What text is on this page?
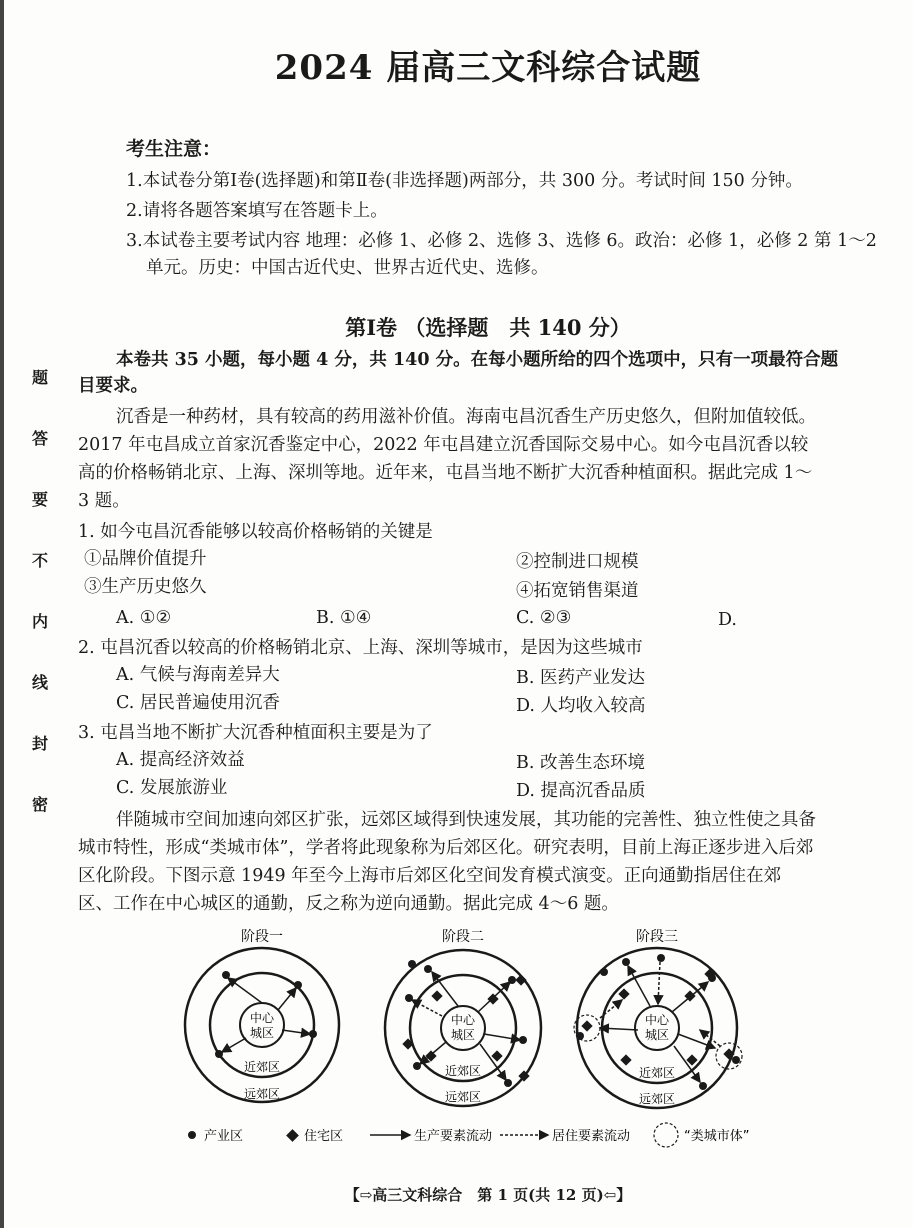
题
答
要
不
内
线
封
密
2024 届高三文科综合试题
考生注意：
1.本试卷分第Ⅰ卷(选择题)和第Ⅱ卷(非选择题)两部分，共 300 分。考试时间 150 分钟。
2.请将各题答案填写在答题卡上。
3.本试卷主要考试内容 地理：必修 1、必修 2、选修 3、选修 6。政治：必修 1，必修 2 第 1～2
单元。历史：中国古近代史、世界古近代史、选修。
第Ⅰ卷 （选择题　共 140 分）
本卷共 35 小题，每小题 4 分，共 140 分。在每小题所给的四个选项中，只有一项最符合题
目要求。
沉香是一种药材，具有较高的药用滋补价值。海南屯昌沉香生产历史悠久，但附加值较低。
2017 年屯昌成立首家沉香鉴定中心，2022 年屯昌建立沉香国际交易中心。如今屯昌沉香以较
高的价格畅销北京、上海、深圳等地。近年来，屯昌当地不断扩大沉香种植面积。据此完成 1～
3 题。
1. 如今屯昌沉香能够以较高价格畅销的关键是
①品牌价值提升	②控制进口规模
③生产历史悠久	④拓宽销售渠道
A. ①②	B. ①④	C. ②③	D.
2. 屯昌沉香以较高的价格畅销北京、上海、深圳等城市，是因为这些城市
A. 气候与海南差异大	B. 医药产业发达
C. 居民普遍使用沉香	D. 人均收入较高
3. 屯昌当地不断扩大沉香种植面积主要是为了
A. 提高经济效益	B. 改善生态环境
C. 发展旅游业	D. 提高沉香品质
伴随城市空间加速向郊区扩张，远郊区域得到快速发展，其功能的完善性、独立性使之具备
城市特性，形成“类城市体”，学者将此现象称为后郊区化。研究表明，目前上海正逐步进入后郊
区化阶段。下图示意 1949 年至今上海市后郊区化空间发育模式演变。正向通勤指居住在郊
区、工作在中心城区的通勤，反之称为逆向通勤。据此完成 4～6 题。
阶段一
中心
城区
近郊区
远郊区
阶段二
中心
城区
近郊区
远郊区
阶段三
中心
城区
近郊区
远郊区
产业区	住宅区	生产要素流动	居住要素流动	“类城市体”
【⇨高三文科综合　第 1 页(共 12 页)⇦】
